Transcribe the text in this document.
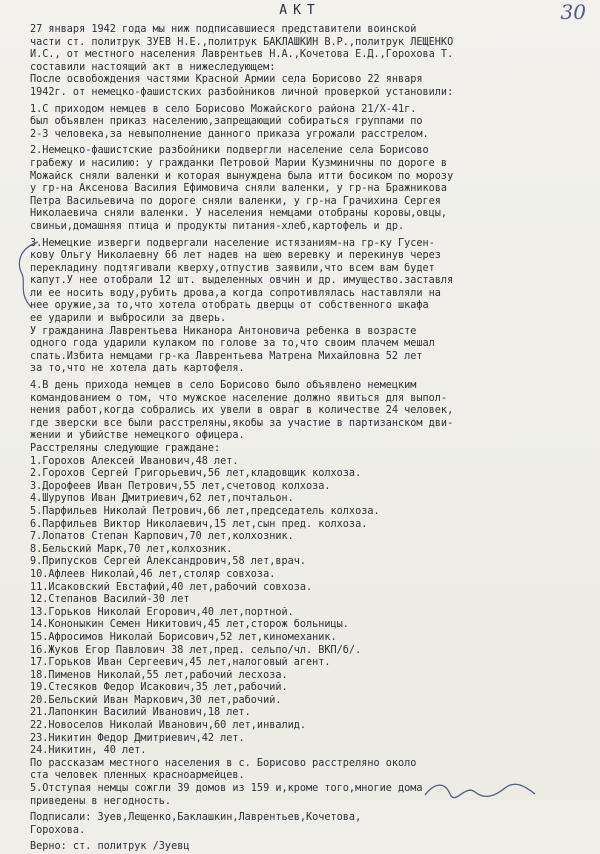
АКТ	30
27 января 1942 года мы ниж подписавшиеся представители воинской
части ст. политрук ЗУЕВ Н.Е.,политрук БАКЛАШКИН В.Р.,политрук ЛЕЩЕНКО
И.С., от местного населения Лаврентьев Н.А.,Кочетова Е.Д.,Горохова Т.
составили настоящий акт в нижеследующем:
После освобождения частями Красной Армии села Борисово 22 января
1942г. от немецко-фашистских разбойников личной проверкой установили:
1.С приходом немцев в село Борисово Можайского района 21/Х-41г.
был объявлен приказ населению,запрещающий собираться группами по
2-3 человека,за невыполнение данного приказа угрожали расстрелом.
2.Немецко-фашистские разбойники подвергли население села Борисово
грабежу и насилию: у гражданки Петровой Марии Кузминичны по дороге в
Можайск сняли валенки и которая вынуждена была итти босиком по морозу
у гр-на Аксенова Василия Ефимовича сняли валенки, у гр-на Бражникова
Петра Васильевича по дороге сняли валенки, у гр-на Грачихина Сергея
Николаевича сняли валенки. У населения немцами отобраны коровы,овцы,
свиньи,домашняя птица и продукты питания-хлеб,картофель и др.
3.Немецкие изверги подвергали население истязаниям-на гр-ку Гусен-
кову Ольгу Николаевну 66 лет надев на шею веревку и перекинув через
перекладину подтягивали кверху,отпустив заявили,что всем вам будет
капут.У нее отобрали 12 шт. выделенных овчин и др. имущество.заставля
ли ее носить воду,рубить дрова,а когда сопротивлялась наставляли на
нее оружие,за то,что хотела отобрать дверцы от собственного шкафа
ее ударили и выбросили за дверь.
У гражданина Лаврентьева Никанора Антоновича ребенка в возрасте
одного года ударили кулаком по голове за то,что своим плачем мешал
спать.Избита немцами гр-ка Лаврентьева Матрена Михайловна 52 лет
за то,что не хотела дать картофеля.
4.В день прихода немцев в село Борисово было объявлено немецким
командованием о том, что мужское население должно явиться для выпол-
нения работ,когда собрались их увели в овраг в количестве 24 человек,
где зверски все были расстреляны,якобы за участие в партизанском дви-
жении и убийстве немецкого офицера.
Расстреляны следующие граждане:
1.Горохов Алексей Иванович,48 лет.
2.Горохов Сергей Григорьевич,56 лет,кладовщик колхоза.
3.Дорофеев Иван Петрович,55 лет,счетовод колхоза.
4.Шурупов Иван Дмитриевич,62 лет,почтальон.
5.Парфильев Николай Петрович,66 лет,председатель колхоза.
6.Парфильев Виктор Николаевич,15 лет,сын пред. колхоза.
7.Лопатов Степан Карпович,70 лет,колхозник.
8.Бельский Марк,70 лет,колхозник.
9.Припусков Сергей Александрович,58 лет,врач.
10.Афлеев Николай,46 лет,столяр совхоза.
11.Исаковский Евстафий,40 лет,рабочий совхоза.
12.Степанов Василий-30 лет
13.Горьков Николай Егорович,40 лет,портной.
14.Кононыкин Семен Никитович,45 лет,сторож больницы.
15.Афросимов Николай Борисович,52 лет,киномеханик.
16.Жуков Егор Павлович 38 лет,пред. сельпо/чл. ВКП/б/.
17.Горьков Иван Сергеевич,45 лет,налоговый агент.
18.Пименов Николай,55 лет,рабочий лесхоза.
19.Стесяков Федор Исакович,35 лет,рабочий.
20.Бельский Иван Маркович,30 лет,рабочий.
21.Лапонкин Василий Иванович,18 лет.
22.Новоселов Николай Иванович,60 лет,инвалид.
23.Никитин Федор Дмитриевич,42 лет.
24.Никитин, 40 лет.
По рассказам местного населения в с. Борисово расстреляно около
ста человек пленных красноармейцев.
5.Отступая немцы сожгли 39 домов из 159 и,кроме того,многие дома
приведены в негодность.
Подписали: Зуев,Лещенко,Баклашкин,Лаврентьев,Кочетова,
Горохова.
Верно: ст. политрук /Зуевц
